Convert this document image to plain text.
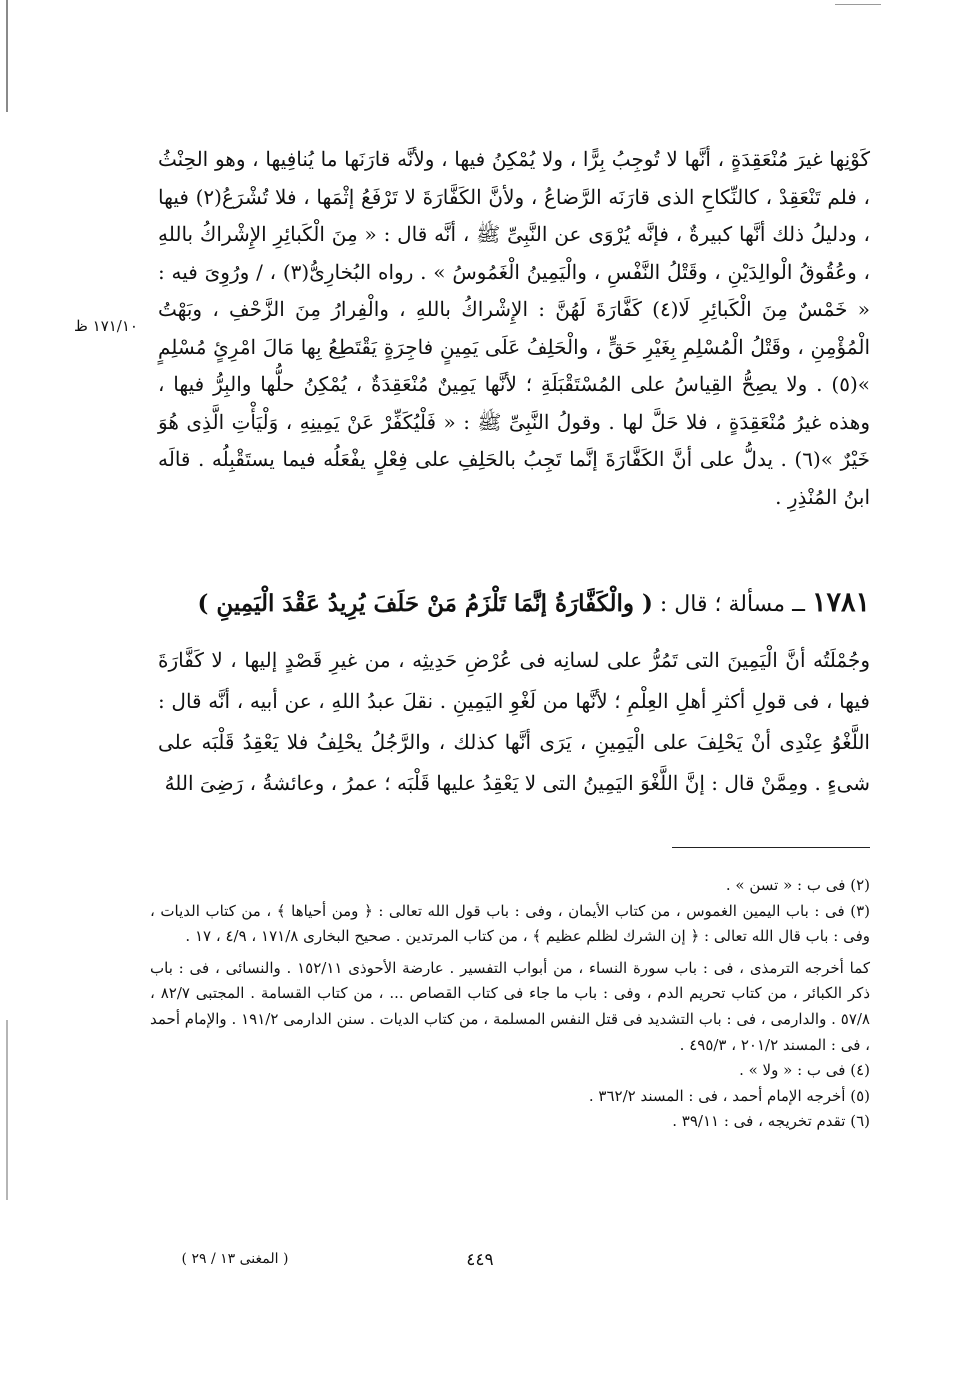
كَوْنِها غيرَ مُنْعَقِدَةٍ ، أنَّها لا تُوجِبُ بِرًّا ، ولا يُمْكِنُ فيها ، ولأنَّه قارَنَها ما يُنافِيها ، وهو الحِنْثُ ، فلم تَنْعَقِدْ ، كالنِّكاحِ الذى قارَنَه الرَّضاعُ ، ولأنَّ الكَفَّارَةَ لا تَرْفَعُ إثْمَها ، فلا تُشْرَعُ(٢) فيها ، ودليلُ ذلك أنَّها كبيرةٌ ، فإنَّه يُرْوَى عن النَّبِىِّ ﷺ ، أنَّه قال : « مِنَ الْكَبائِرِ الإِشْراكُ باللهِ ، وعُقُوقُ الْوالِدَيْنِ ، وقَتْلُ النَّفْسِ ، والْيَمِينُ الْغَمُوسُ » . رواه البُخارِىُّ(٣) ، / ورُوِىَ فيه : « خَمْسٌ مِنَ الْكَبائِرِ لَا(٤) كَفَّارَةَ لَهُنَّ : الإِشْراكُ باللهِ ، والْفِرارُ مِنَ الزَّحْفِ ، وبَهْتُ الْمُؤْمِنِ ، وقَتْلُ الْمُسْلِمِ بِغَيْرِ حَقٍّ ، والْحَلِفُ عَلَى يَمِينٍ فاجِرَةٍ يَقْتَطِعُ بِها مَالَ امْرِئٍ مُسْلِمٍ »(٥) . ولا يصِحُّ القِياسُ على المُسْتَقْبَلَةِ ؛ لأنَّها يَمِينٌ مُنْعَقِدَةٌ ، يُمْكِنُ حلُّها والبِرُّ فيها ، وهذه غيرُ مُنْعَقِدَةٍ ، فلا حَلَّ لها . وقولُ النَّبِىِّ ﷺ : « فَلْيُكَفِّرْ عَنْ يَمِينِهِ ، وَلْيَأْتِ الَّذِى هُوَ خَيْرٌ »(٦) . يدلُّ على أنَّ الكَفَّارَةَ إنَّما تَجِبُ بالحَلِفِ على فِعْلٍ يفْعَلُه فيما يستَقْبِلُه . قالَه ابنُ المُنْذِرِ .
١٧١/١٠ ظ
١٧٨١ ــ مسألة ؛ قال : ( والْكَفَّارَةُ إنَّمَا تَلْزَمُ مَنْ حَلَفَ يُرِيدُ عَقْدَ الْيَمِينِ )
وجُمْلَتُه أنَّ الْيَمِينَ التى تَمُرُّ على لسانِه فى عُرْضِ حَدِيثِه ، من غيرِ قَصْدٍ إليها ، لا كَفَّارَةَ فيها ، فى قولِ أكثرِ أهلِ العِلْمِ ؛ لأنَّها من لَغْوِ اليَمِينِ . نقلَ عبدُ اللهِ ، عن أبيه ، أنَّه قال : اللَّغْوُ عِنْدِى أنْ يَحْلِفَ على الْيَمِينِ ، يَرَى أنَّها كذلك ، والرَّجُلُ يحْلِفُ فلا يَعْقِدُ قَلْبَه على شىءٍ . ومِمَّنْ قال : إنَّ اللَّغْوَ اليَمِينُ التى لا يَعْقِدُ عليها قَلْبَه ؛ عمرُ ، وعائشةُ ، رَضِىَ اللهُ
(٢) فى ب : « تسن » .
(٣) فى : باب اليمين الغموس ، من كتاب الأيمان ، وفى : باب قول الله تعالى : ﴿ ومن أحياها ﴾ ، من كتاب الديات ، وفى : باب قال الله تعالى : ﴿ إن الشرك لظلم عظيم ﴾ ، من كتاب المرتدين . صحيح البخارى ١٧١/٨ ، ٤/٩ ، ١٧ .
كما أخرجه الترمذى ، فى : باب سورة النساء ، من أبواب التفسير . عارضة الأحوذى ١٥٢/١١ . والنسائى ، فى : باب ذكر الكبائر ، من كتاب تحريم الدم ، وفى : باب ما جاء فى كتاب القصاص ... ، من كتاب القسامة . المجتبى ٨٢/٧ ، ٥٧/٨ . والدارمى ، فى : باب التشديد فى قتل النفس المسلمة ، من كتاب الديات . سنن الدارمى ١٩١/٢ . والإمام أحمد ، فى : المسند ٢٠١/٢ ، ٤٩٥/٣ .
(٤) فى ب : « ولا » .
(٥) أخرجه الإمام أحمد ، فى : المسند ٣٦٢/٢ .
(٦) تقدم تخريجه ، فى : ٣٩/١١ .
٤٤٩
( المغنى ١٣ / ٢٩ )
